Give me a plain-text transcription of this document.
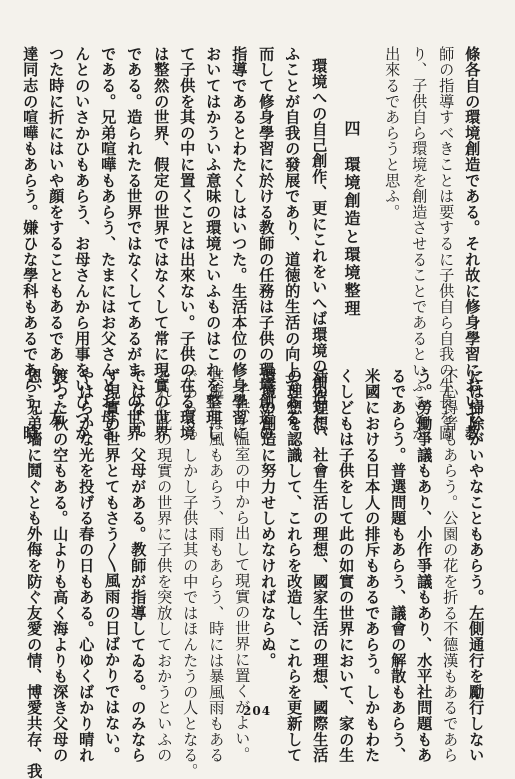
條各自の環境創造である。それ故に修身學習において教
師の指導すべきことは要するに子供自ら自我の生長を圖
り、子供自ら環境を創造させることであるといふことが
出來るであらうと思ふ。
四　環境創造と環境整理
環境への自己創作、更にこれをいへば環境の創造とい
ふことが自我の發展であり、道徳的生活の向上である。
而して修身學習に於ける教師の任務は子供の環境創造の
指導であるとわたくしはいつた。生活本位の修身學習に
おいてはかういふ意味の環境といふものはこれを整理し
て子供を其の中に置くことは出來ない。子供の在る環境
は整然の世界、假定の世界ではなくして常に現實の世界
である。造られたる世界ではなくしてあるがまゝの世界
である。兄弟喧嘩もあらう、たまにはお父さんとお母さ
んとのいさかひもあらう、お母さんから用事をいひつか
つた時に折にはいや顔をすることもあるであらう。友
達同志の喧嘩もあらう。嫌ひな學科もあるであらう。時
には掃除がいやなこともあらう。左側通行を勵行しない
不心得者もあらう。公園の花を折る不德漢もあるであら
う。勞働爭議もあり、小作爭議もあり、水平社問題もあ
るであらう。普選問題もあらう、議會の解散もあらう、
米國における日本人の排斥もあるであらう。しかもわた
くしどもは子供をして此の如實の世界において、家の生
活の理想、社會生活の理想、國家生活の理想、國際生活
の理想を認識して、これらを改造し、これらを更新して
環境の創造に努力せしめなければならぬ。
子供を温室の中から出して現實の世界に置くがよい。
其處には風もあらう、雨もあらう、時には暴風雨もある
であらう。しかし子供は其の中ではほんたうの人となる。
それに此の現實の世界に子供を突放しておかうといふの
ではない。父母がある。教師が指導してゐる。のみなら
ず現實の世界とてもさう〳〵風雨の日ばかりではない。
やはらかな光を投げる春の日もある。心ゆくばかり晴れ
渡つた秋の空もある。山よりも高く海よりも深き父母の
恩、兄弟墻に鬩ぐとも外侮を防ぐ友愛の情、博愛共存、我	204
